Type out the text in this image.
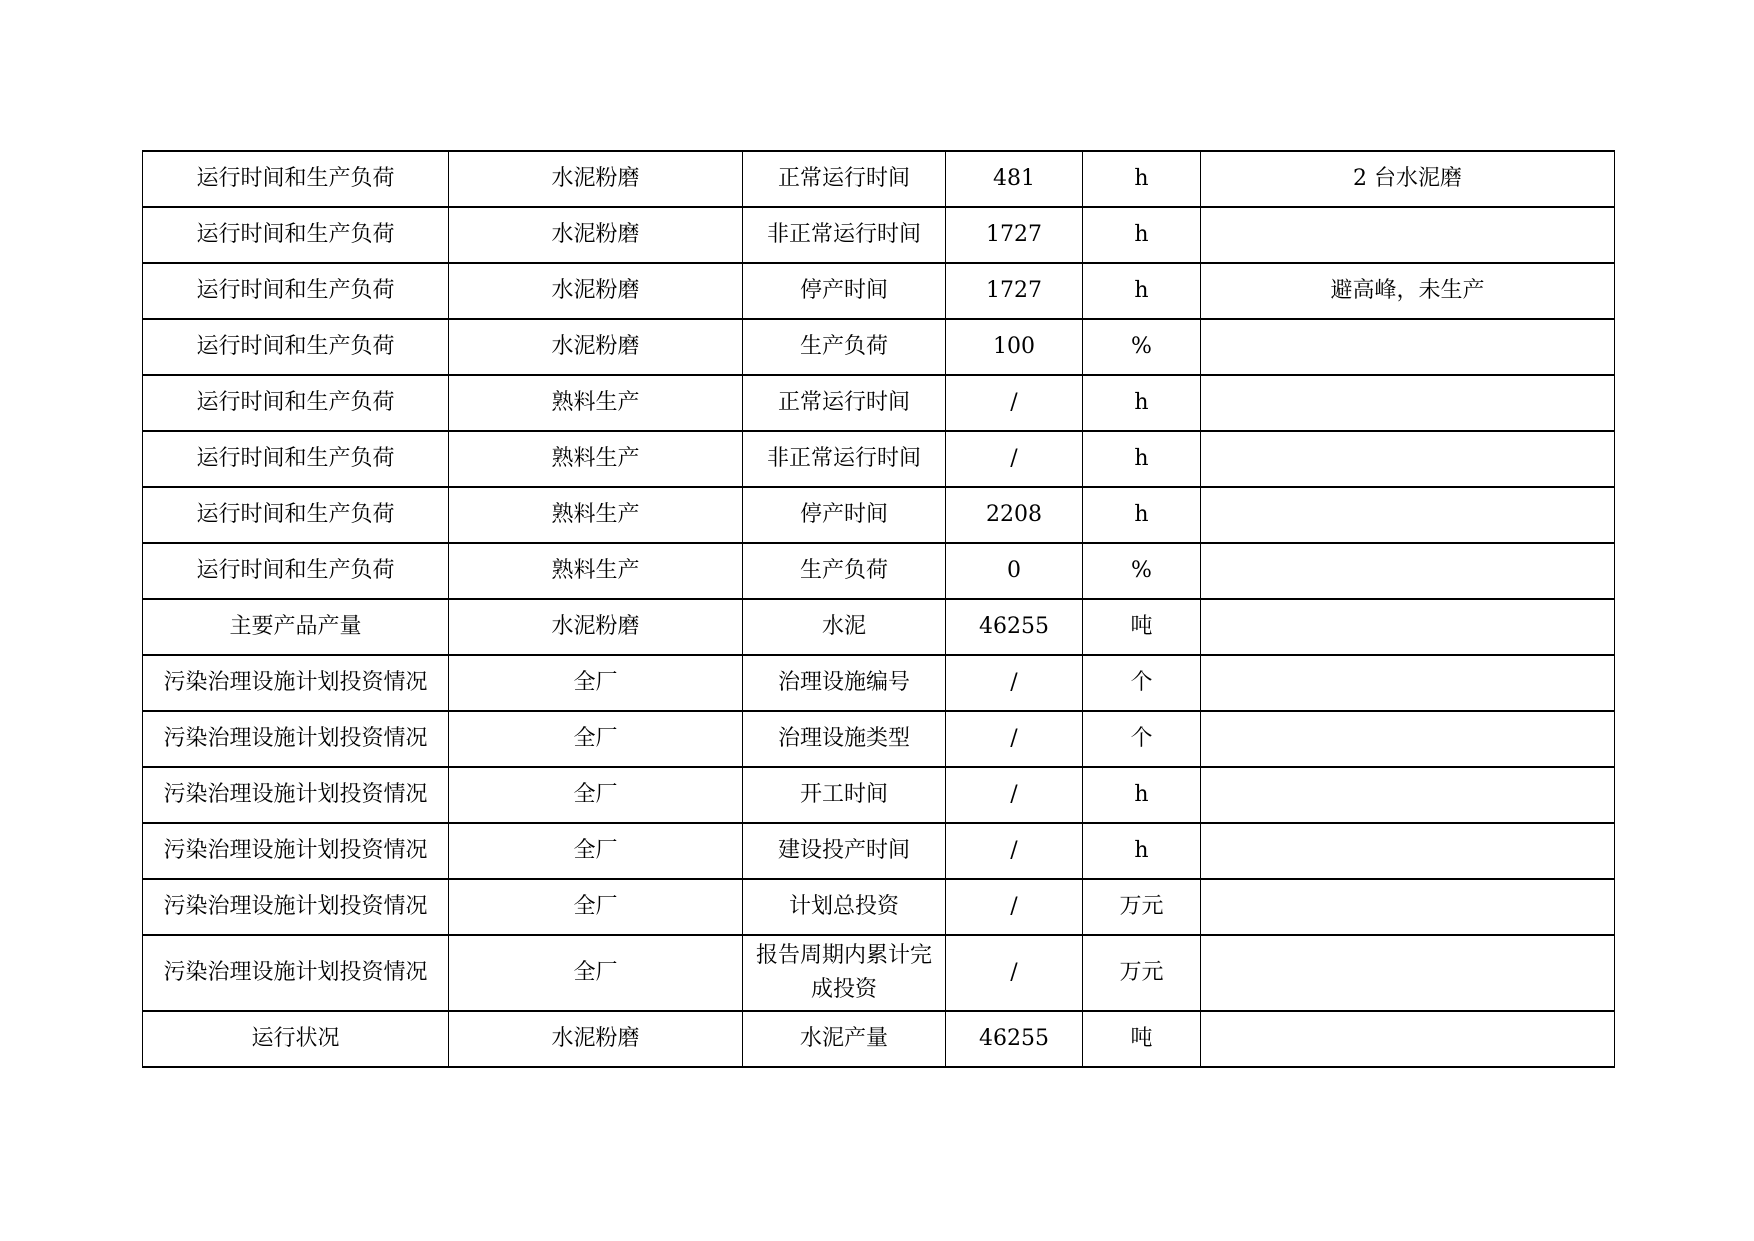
运行时间和生产负荷	水泥粉磨	正常运行时间	481	h	2 台水泥磨
运行时间和生产负荷	水泥粉磨	非正常运行时间	1727	h	
运行时间和生产负荷	水泥粉磨	停产时间	1727	h	避高峰，未生产
运行时间和生产负荷	水泥粉磨	生产负荷	100	%	
运行时间和生产负荷	熟料生产	正常运行时间	/	h	
运行时间和生产负荷	熟料生产	非正常运行时间	/	h	
运行时间和生产负荷	熟料生产	停产时间	2208	h	
运行时间和生产负荷	熟料生产	生产负荷	0	%	
主要产品产量	水泥粉磨	水泥	46255	吨	
污染治理设施计划投资情况	全厂	治理设施编号	/	个	
污染治理设施计划投资情况	全厂	治理设施类型	/	个	
污染治理设施计划投资情况	全厂	开工时间	/	h	
污染治理设施计划投资情况	全厂	建设投产时间	/	h	
污染治理设施计划投资情况	全厂	计划总投资	/	万元	
污染治理设施计划投资情况	全厂	报告周期内累计完成投资	/	万元	
运行状况	水泥粉磨	水泥产量	46255	吨	
